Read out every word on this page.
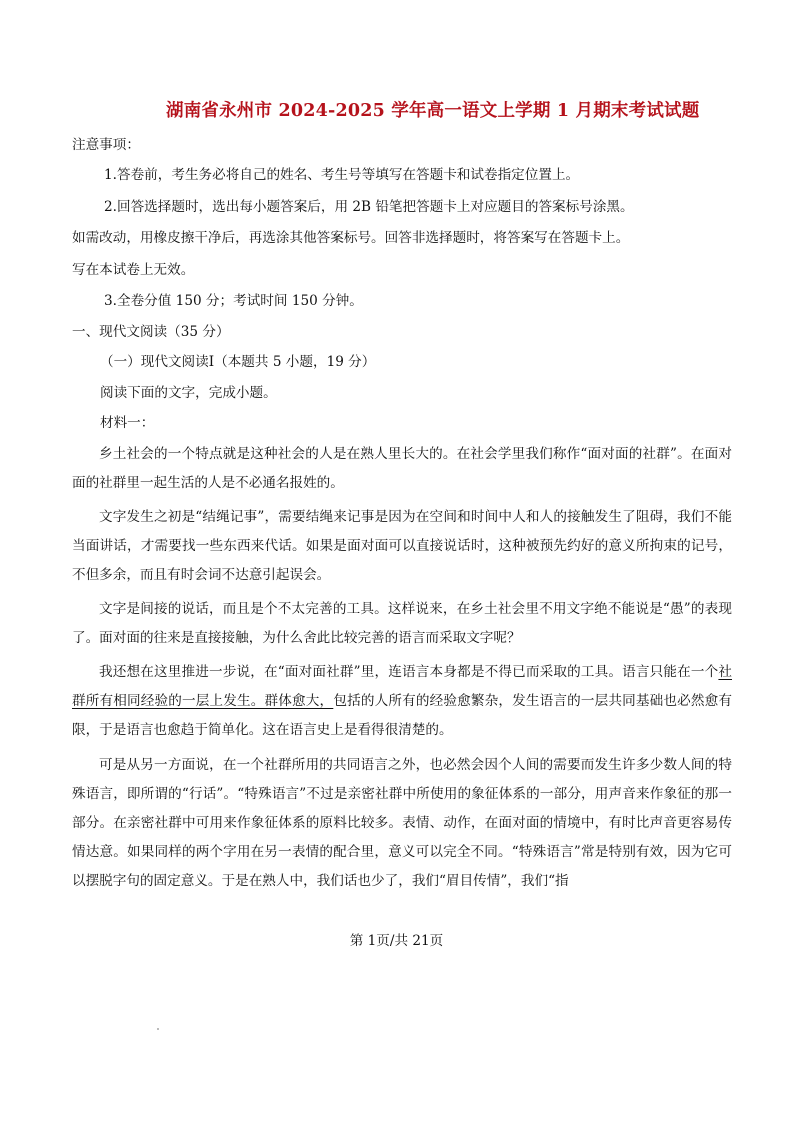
湖南省永州市 2024-2025 学年高一语文上学期 1 月期末考试试题
注意事项：
1.答卷前，考生务必将自己的姓名、考生号等填写在答题卡和试卷指定位置上。
2.回答选择题时，选出每小题答案后，用 2B 铅笔把答题卡上对应题目的答案标号涂黑。
如需改动，用橡皮擦干净后，再选涂其他答案标号。回答非选择题时，将答案写在答题卡上。
写在本试卷上无效。
3.全卷分值 150 分；考试时间 150 分钟。
一、现代文阅读（35 分）
（一）现代文阅读Ⅰ（本题共 5 小题，19 分）
阅读下面的文字，完成小题。
材料一：
乡土社会的一个特点就是这种社会的人是在熟人里长大的。在社会学里我们称作“面对面的社群”。在面对面的社群里一起生活的人是不必通名报姓的。
文字发生之初是“结绳记事”，需要结绳来记事是因为在空间和时间中人和人的接触发生了阻碍，我们不能当面讲话，才需要找一些东西来代话。如果是面对面可以直接说话时，这种被预先约好的意义所拘束的记号，不但多余，而且有时会词不达意引起误会。
文字是间接的说话，而且是个不太完善的工具。这样说来，在乡土社会里不用文字绝不能说是“愚”的表现了。面对面的往来是直接接触，为什么舍此比较完善的语言而采取文字呢？
我还想在这里推进一步说，在“面对面社群”里，连语言本身都是不得已而采取的工具。语言只能在一个社群所有相同经验的一层上发生。群体愈大，包括的人所有的经验愈繁杂，发生语言的一层共同基础也必然愈有限，于是语言也愈趋于简单化。这在语言史上是看得很清楚的。
可是从另一方面说，在一个社群所用的共同语言之外，也必然会因个人间的需要而发生许多少数人间的特殊语言，即所谓的“行话”。“特殊语言”不过是亲密社群中所使用的象征体系的一部分，用声音来作象征的那一部分。在亲密社群中可用来作象征体系的原料比较多。表情、动作，在面对面的情境中，有时比声音更容易传情达意。如果同样的两个字用在另一表情的配合里，意义可以完全不同。“特殊语言”常是特别有效，因为它可以摆脱字句的固定意义。于是在熟人中，我们话也少了，我们“眉目传情”，我们“指
第 1页/共 21页
